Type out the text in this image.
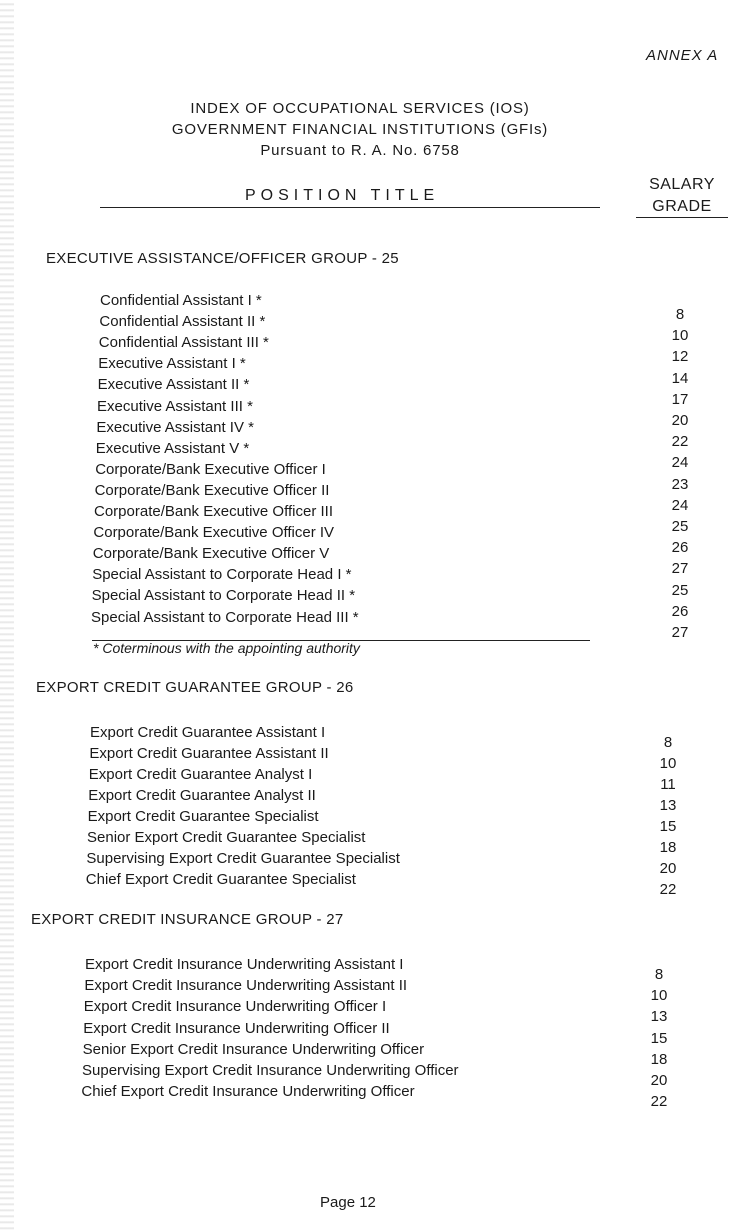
ANNEX A
INDEX OF OCCUPATIONAL SERVICES (IOS)
GOVERNMENT FINANCIAL INSTITUTIONS (GFIs)
Pursuant to R. A. No. 6758
POSITION TITLE
SALARY
GRADE
EXECUTIVE ASSISTANCE/OFFICER GROUP - 25
Confidential Assistant I *
Confidential Assistant II *
Confidential Assistant III *
Executive Assistant I *
Executive Assistant II *
Executive Assistant III *
Executive Assistant IV *
Executive Assistant V *
Corporate/Bank Executive Officer I
Corporate/Bank Executive Officer II
Corporate/Bank Executive Officer III
Corporate/Bank Executive Officer IV
Corporate/Bank Executive Officer V
Special Assistant to Corporate Head I *
Special Assistant to Corporate Head II *
Special Assistant to Corporate Head III *
8
10
12
14
17
20
22
24
23
24
25
26
27
25
26
27
* Coterminous with the appointing authority
EXPORT CREDIT GUARANTEE GROUP - 26
Export Credit Guarantee Assistant I
Export Credit Guarantee Assistant II
Export Credit Guarantee Analyst I
Export Credit Guarantee Analyst II
Export Credit Guarantee Specialist
Senior Export Credit Guarantee Specialist
Supervising Export Credit Guarantee Specialist
Chief Export Credit Guarantee Specialist
8
10
11
13
15
18
20
22
EXPORT CREDIT INSURANCE GROUP - 27
Export Credit Insurance Underwriting Assistant I
Export Credit Insurance Underwriting Assistant II
Export Credit Insurance Underwriting Officer I
Export Credit Insurance Underwriting Officer II
Senior Export Credit Insurance Underwriting Officer
Supervising Export Credit Insurance Underwriting Officer
Chief Export Credit Insurance Underwriting Officer
8
10
13
15
18
20
22
Page 12
